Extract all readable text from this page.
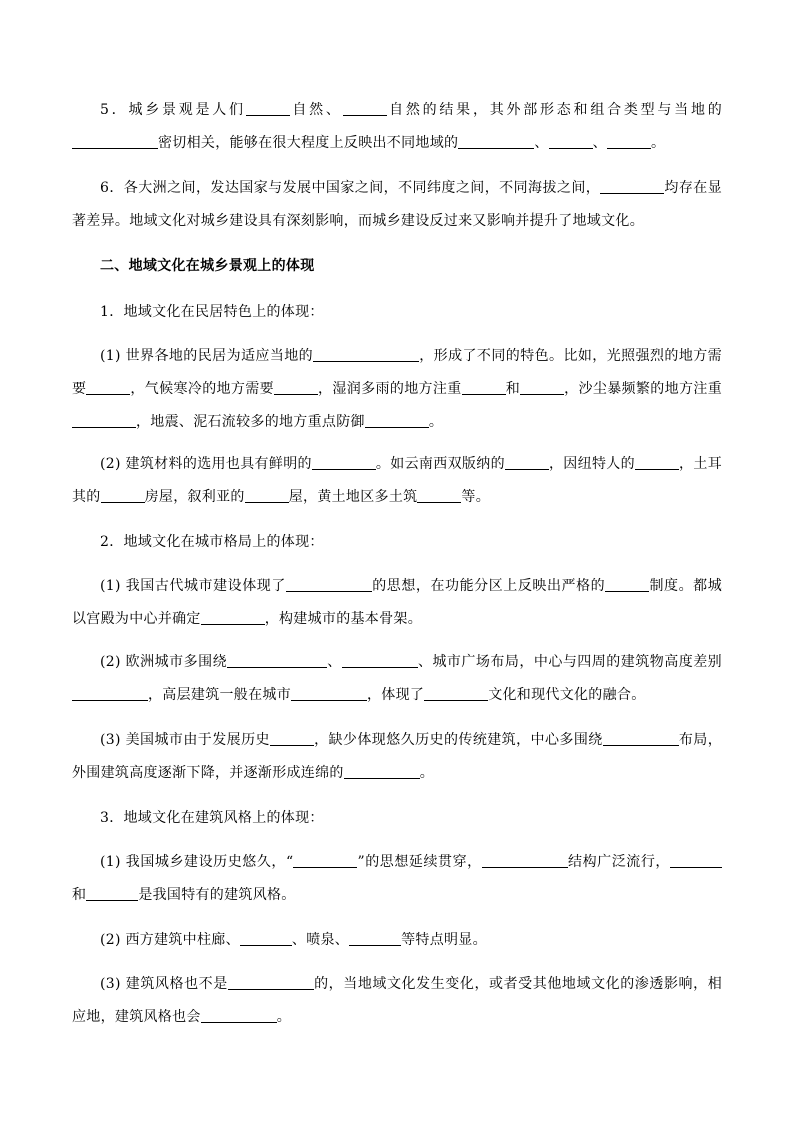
5．城乡景观是人们	自然、	自然的结果，其外部形态和组合类型与当地的密切相关，能够在很大程度上反映出不同地域的	、	、	。

6．各大洲之间，发达国家与发展中国家之间，不同纬度之间，不同海拔之间，	均存在显著差异。地域文化对城乡建设具有深刻影响，而城乡建设反过来又影响并提升了地域文化。

二、地域文化在城乡景观上的体现

1．地域文化在民居特色上的体现：

(1) 世界各地的民居为适应当地的	，形成了不同的特色。比如，光照强烈的地方需要	，气候寒冷的地方需要	，湿润多雨的地方注重	和	，沙尘暴频繁的地方注重，地震、泥石流较多的地方重点防御	。

(2) 建筑材料的选用也具有鲜明的	。如云南西双版纳的	，因纽特人的	，土耳其的	房屋，叙利亚的	屋，黄土地区多土筑	等。

2．地域文化在城市格局上的体现：

(1) 我国古代城市建设体现了	的思想，在功能分区上反映出严格的	制度。都城以宫殿为中心并确定	，构建城市的基本骨架。

(2) 欧洲城市多围绕	、	、城市广场布局，中心与四周的建筑物高度差别，高层建筑一般在城市	，体现了	文化和现代文化的融合。

(3) 美国城市由于发展历史	，缺少体现悠久历史的传统建筑，中心多围绕	布局，外围建筑高度逐渐下降，并逐渐形成连绵的	。

3．地域文化在建筑风格上的体现：

(1) 我国城乡建设历史悠久，“	”的思想延续贯穿，	结构广泛流行，和	是我国特有的建筑风格。

(2) 西方建筑中柱廊、	、喷泉、	等特点明显。

(3) 建筑风格也不是	的，当地域文化发生变化，或者受其他地域文化的渗透影响，相应地，建筑风格也会	。
